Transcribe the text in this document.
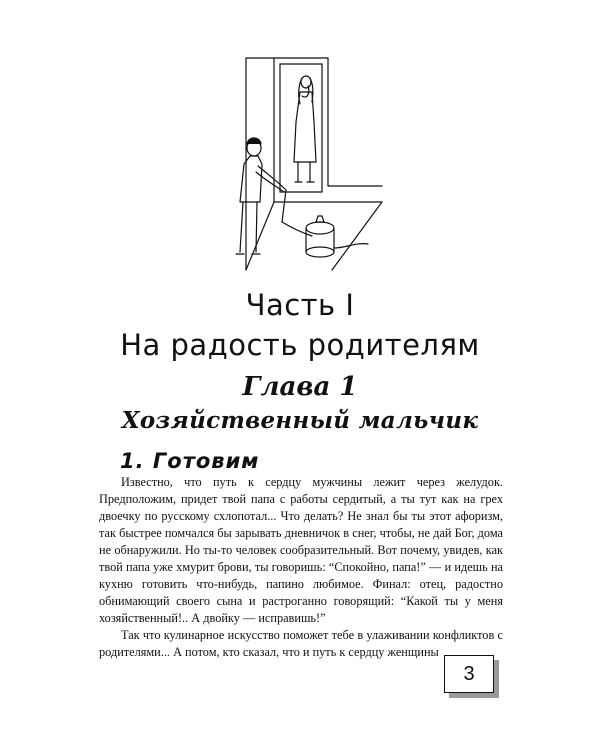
Часть I
На радость родителям
Глава 1
Хозяйственный мальчик
1. Готовим

Известно, что путь к сердцу мужчины лежит через желудок. Предположим, придет твой папа с работы сердитый, а ты тут как на грех двоечку по русскому схлопотал... Что делать? Не знал бы ты этот афоризм, так быстрее помчался бы зарывать дневничок в снег, чтобы, не дай Бог, дома не обнаружили. Но ты-то человек сообразительный. Вот почему, увидев, как твой папа уже хмурит брови, ты говоришь: “Спокойно, папа!” — и идешь на кухню готовить что-нибудь, папино любимое. Финал: отец, радостно обнимающий своего сына и растроганно говорящий: “Какой ты у меня хозяйственный!.. А двойку — исправишь!”

Так что кулинарное искусство поможет тебе в улаживании конфликтов с родителями... А потом, кто сказал, что и путь к сердцу женщины

3
